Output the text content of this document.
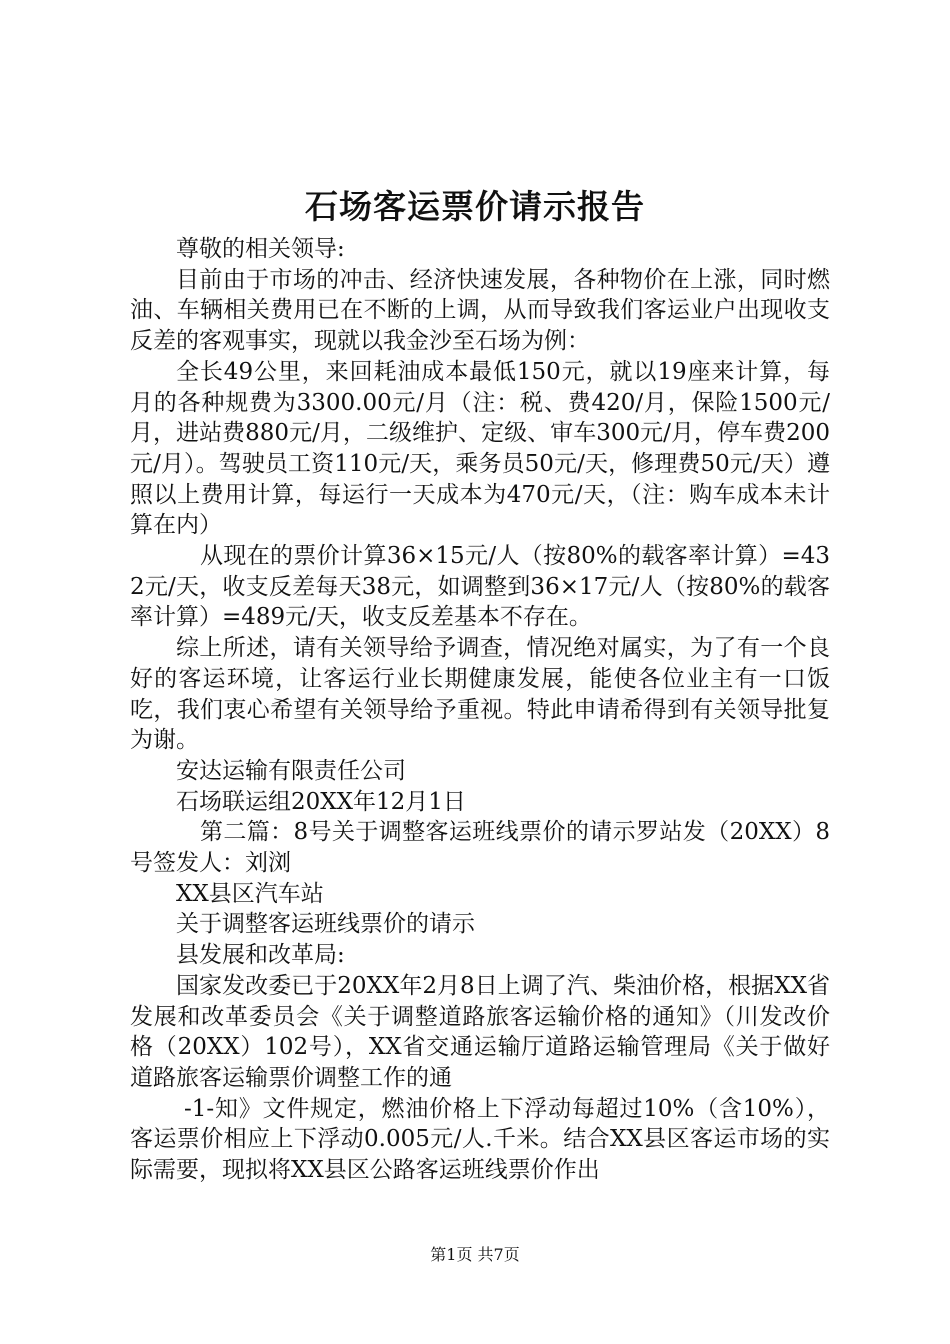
石场客运票价请示报告

尊敬的相关领导:

目前由于市场的冲击、经济快速发展，各种物价在上涨，同时燃油、车辆相关费用已在不断的上调，从而导致我们客运业户出现收支反差的客观事实，现就以我金沙至石场为例：

全长49公里，来回耗油成本最低150元，就以19座来计算，每月的各种规费为3300.00元/月（注：税、费420/月，保险1500元/月，进站费880元/月，二级维护、定级、审车300元/月，停车费200元/月）。驾驶员工资110元/天，乘务员50元/天，修理费50元/天）遵照以上费用计算，每运行一天成本为470元/天，（注：购车成本未计算在内）

从现在的票价计算36×15元/人（按80%的载客率计算）=432元/天，收支反差每天38元，如调整到36×17元/人（按80%的载客率计算）=489元/天，收支反差基本不存在。

综上所述，请有关领导给予调查，情况绝对属实，为了有一个良好的客运环境，让客运行业长期健康发展，能使各位业主有一口饭吃，我们衷心希望有关领导给予重视。特此申请希得到有关领导批复为谢。

安达运输有限责任公司

石场联运组20XX年12月1日

第二篇：8号关于调整客运班线票价的请示罗站发（20XX）8号签发人：刘浏

XX县区汽车站

关于调整客运班线票价的请示

县发展和改革局:

国家发改委已于20XX年2月8日上调了汽、柴油价格，根据XX省发展和改革委员会《关于调整道路旅客运输价格的通知》（川发改价格（20XX）102号），XX省交通运输厅道路运输管理局《关于做好道路旅客运输票价调整工作的通

-1-知》文件规定，燃油价格上下浮动每超过10%（含10%），客运票价相应上下浮动0.005元/人.千米。结合XX县区客运市场的实际需要，现拟将XX县区公路客运班线票价作出

第1页 共7页
